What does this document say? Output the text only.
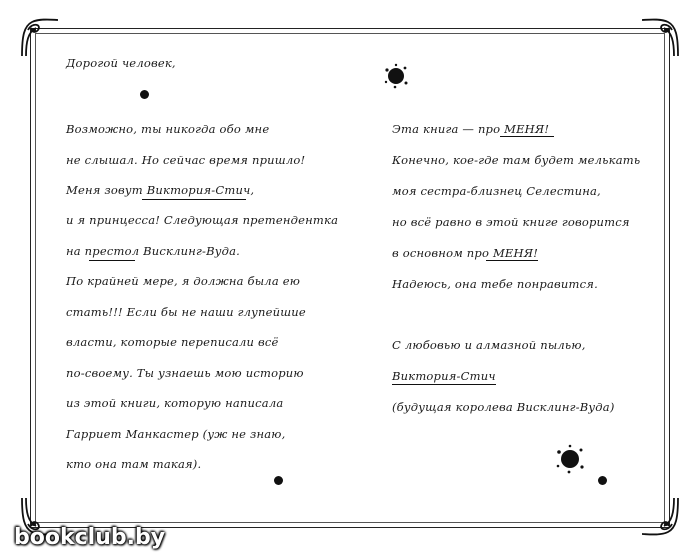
Дорогой человек,
Возможно, ты никогда обо мне
не слышал. Но сейчас время пришло!
Меня зовут Виктория-Стич,
и я принцесса! Следующая претендентка
на престол Висклинг-Вуда.
По крайней мере, я должна была ею
стать!!! Если бы не наши глупейшие
власти, которые переписали всё
по-своему. Ты узнаешь мою историю
из этой книги, которую написала
Гарриет Манкастер (уж не знаю,
кто она там такая).
Эта книга — про МЕНЯ!
Конечно, кое-где там будет мелькать
моя сестра-близнец Селестина,
но всё равно в этой книге говорится
в основном про МЕНЯ!
Надеюсь, она тебе понравится.
С любовью и алмазной пылью,
Виктория-Стич
(будущая королева Висклинг-Вуда)
bookclub.by
